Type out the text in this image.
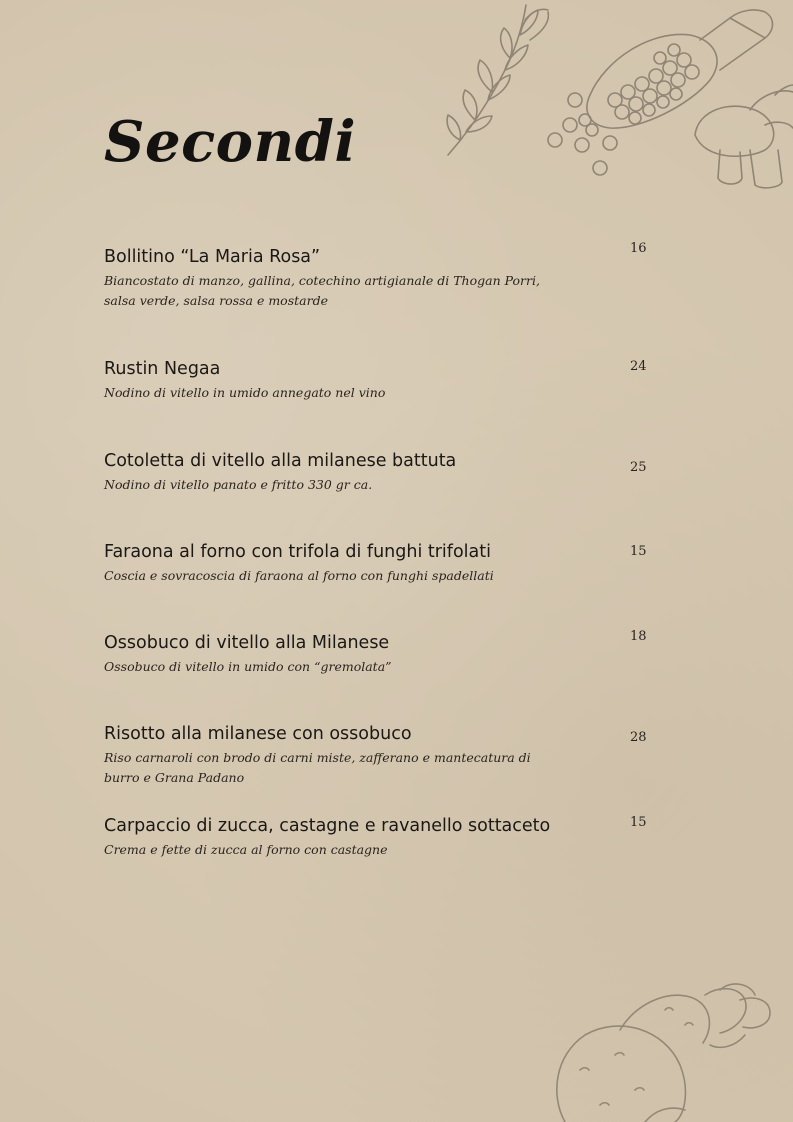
Secondi
Bollitino “La Maria Rosa”
Biancostato di manzo, gallina, cotechino artigianale di Thogan Porri, salsa verde, salsa rossa e mostarde
16
Rustin Negaa
Nodino di vitello in umido annegato nel vino
24
Cotoletta di vitello alla milanese battuta
Nodino di vitello panato e fritto 330 gr ca.
25
Faraona al forno con trifola di funghi trifolati
Coscia e sovracoscia di faraona al forno con funghi spadellati
15
Ossobuco di vitello alla Milanese
Ossobuco di vitello in umido con “gremolata”
18
Risotto alla milanese con ossobuco
Riso carnaroli con brodo di carni miste, zafferano e mantecatura di burro e Grana Padano
28
Carpaccio di zucca, castagne e ravanello sottaceto
Crema e fette di zucca al forno con castagne
15
